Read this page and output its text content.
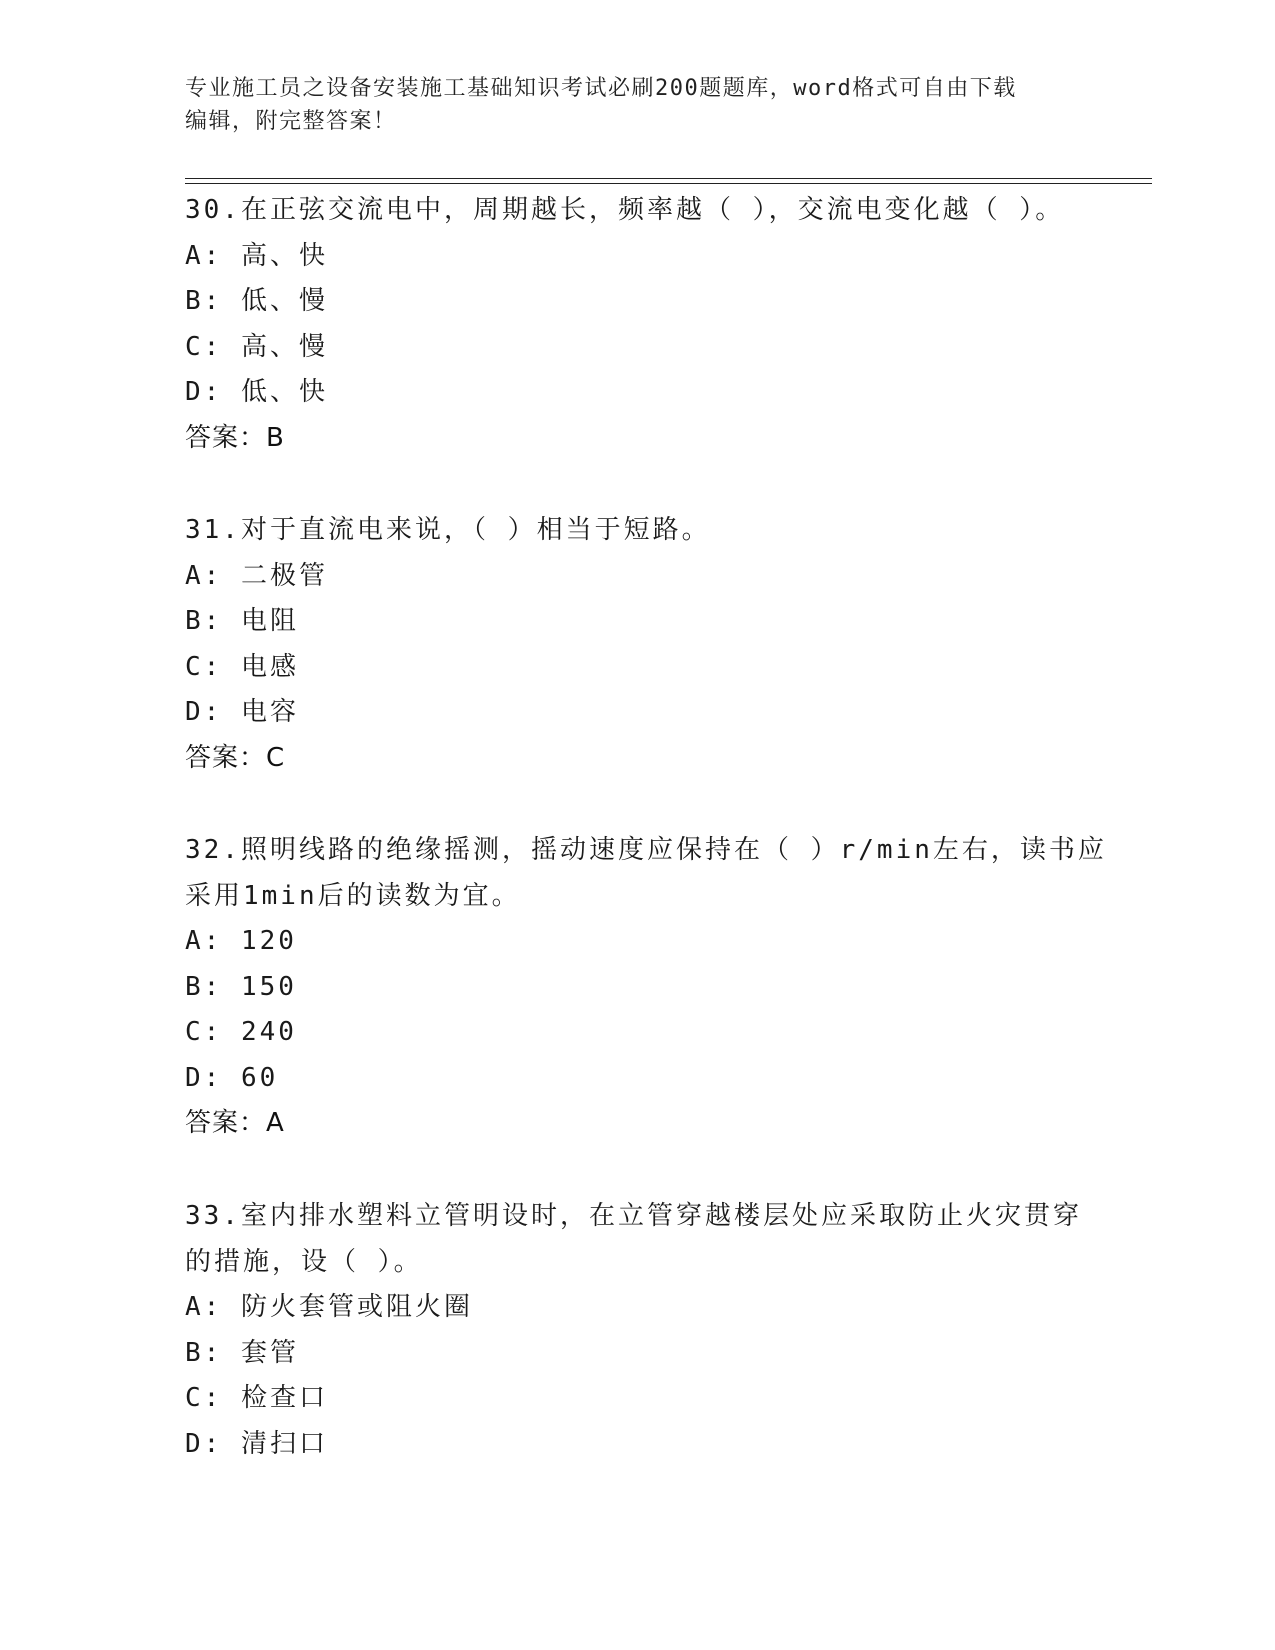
专业施工员之设备安装施工基础知识考试必刷200题题库，word格式可自由下载
编辑，附完整答案！
30.在正弦交流电中，周期越长，频率越（ ），交流电变化越（ ）。
A: 高、快
B: 低、慢
C: 高、慢
D: 低、快
答案：B
31.对于直流电来说，（ ）相当于短路。
A: 二极管
B: 电阻
C: 电感
D: 电容
答案：C
32.照明线路的绝缘摇测，摇动速度应保持在（ ）r/min左右，读书应
采用1min后的读数为宜。
A: 120
B: 150
C: 240
D: 60
答案：A
33.室内排水塑料立管明设时，在立管穿越楼层处应采取防止火灾贯穿
的措施，设（ ）。
A: 防火套管或阻火圈
B: 套管
C: 检查口
D: 清扫口
